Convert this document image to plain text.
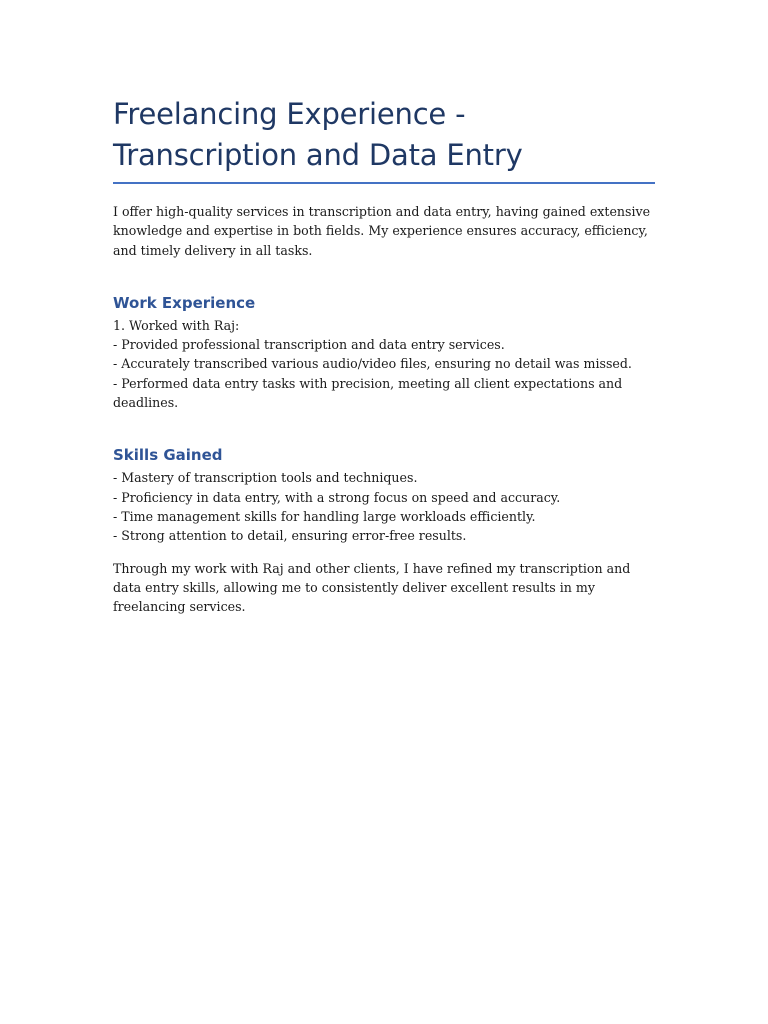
Freelancing Experience - Transcription and Data Entry

I offer high-quality services in transcription and data entry, having gained extensive knowledge and expertise in both fields. My experience ensures accuracy, efficiency, and timely delivery in all tasks.

Work Experience
1. Worked with Raj:
- Provided professional transcription and data entry services.
- Accurately transcribed various audio/video files, ensuring no detail was missed.
- Performed data entry tasks with precision, meeting all client expectations and deadlines.
Skills Gained
- Mastery of transcription tools and techniques.
- Proficiency in data entry, with a strong focus on speed and accuracy.
- Time management skills for handling large workloads efficiently.
- Strong attention to detail, ensuring error-free results.

Through my work with Raj and other clients, I have refined my transcription and data entry skills, allowing me to consistently deliver excellent results in my freelancing services.
